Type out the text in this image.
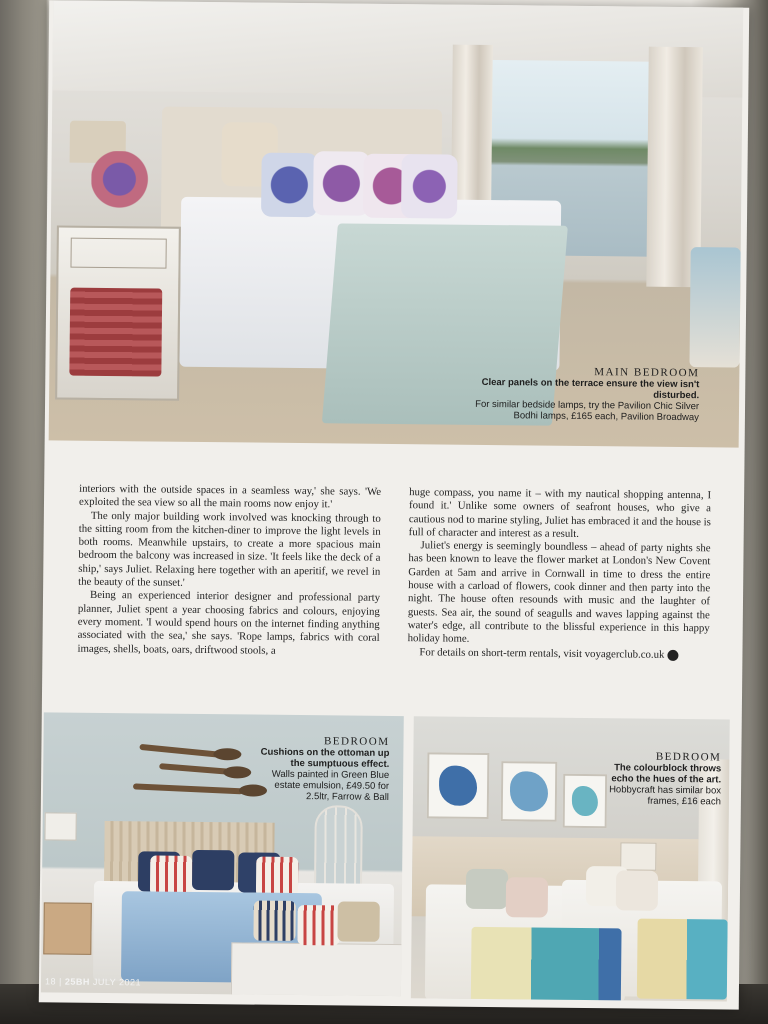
MAIN BEDROOM
Clear panels on the terrace ensure the view isn't disturbed.
For similar bedside lamps, try the Pavilion Chic Silver Bodhi lamps, £165 each, Pavilion Broadway

interiors with the outside spaces in a seamless way,' she says. 'We exploited the sea view so all the main rooms now enjoy it.'

The only major building work involved was knocking through to the sitting room from the kitchen-diner to improve the light levels in both rooms. Meanwhile upstairs, to create a more spacious main bedroom the balcony was increased in size. 'It feels like the deck of a ship,' says Juliet. Relaxing here together with an aperitif, we revel in the beauty of the sunset.'

Being an experienced interior designer and professional party planner, Juliet spent a year choosing fabrics and colours, enjoying every moment. 'I would spend hours on the internet finding anything associated with the sea,' she says. 'Rope lamps, fabrics with coral images, shells, boats, oars, driftwood stools, a

huge compass, you name it – with my nautical shopping antenna, I found it.' Unlike some owners of seafront houses, who give a cautious nod to marine styling, Juliet has embraced it and the house is full of character and interest as a result.

Juliet's energy is seemingly boundless – ahead of party nights she has been known to leave the flower market at London's New Covent Garden at 5am and arrive in Cornwall in time to dress the entire house with a carload of flowers, cook dinner and then party into the night. The house often resounds with music and the laughter of guests. Sea air, the sound of seagulls and waves lapping against the water's edge, all contribute to the blissful experience in this happy holiday home.

For details on short-term rentals, visit voyagerclub.co.uk 25

BEDROOM
Cushions on the ottoman up the sumptuous effect.
Walls painted in Green Blue estate emulsion, £49.50 for 2.5ltr, Farrow & Ball
18 | 25BH JULY 2021
BEDROOM
The colourblock throws echo the hues of the art.
Hobbycraft has similar box frames, £16 each
